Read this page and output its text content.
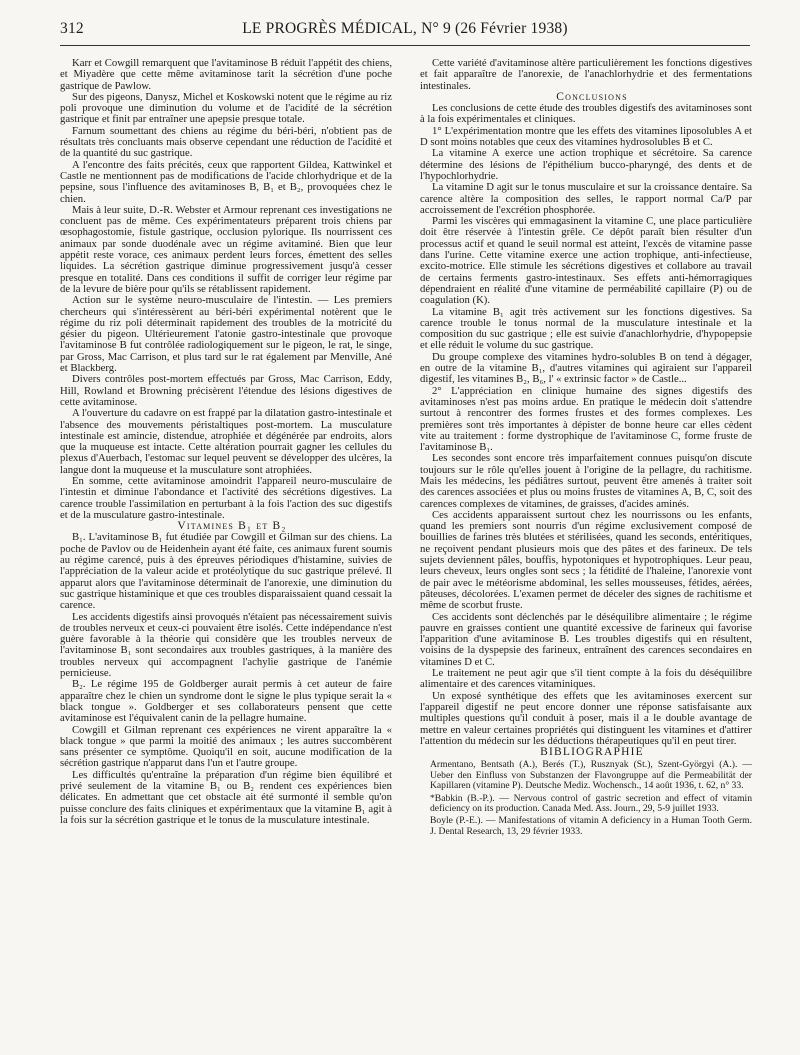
312	LE PROGRÈS MÉDICAL, N° 9 (26 Février 1938)

Karr et Cowgill remarquent que l'avitaminose B réduit l'appétit des chiens, et Miyadère que cette même avitaminose tarit la sécrétion d'une poche gastrique de Pawlow.

Sur des pigeons, Danysz, Michel et Koskowski notent que le régime au riz poli provoque une diminution du volume et de l'acidité de la sécrétion gastrique et finit par entraîner une apepsie presque totale.

Farnum soumettant des chiens au régime du béri-béri, n'obtient pas de résultats très concluants mais observe cependant une réduction de l'acidité et de la quantité du suc gastrique.

A l'encontre des faits précités, ceux que rapportent Gildea, Kattwinkel et Castle ne mentionnent pas de modifications de l'acide chlorhydrique et de la pepsine, sous l'influence des avitaminoses B, B₁ et B₂, provoquées chez le chien.

Mais à leur suite, D.-R. Webster et Armour reprenant ces investigations ne concluent pas de même. Ces expérimentateurs préparent trois chiens par œsophagostomie, fistule gastrique, occlusion pylorique. Ils nourrissent ces animaux par sonde duodénale avec un régime avitaminé. Bien que leur appétit reste vorace, ces animaux perdent leurs forces, émettent des selles liquides. La sécrétion gastrique diminue progressivement jusqu'à cesser presque en totalité. Dans ces conditions il suffit de corriger leur régime par de la levure de bière pour qu'ils se rétablissent rapidement.

Action sur le système neuro-musculaire de l'intestin. — Les premiers chercheurs qui s'intéressèrent au béri-béri expérimental notèrent que le régime du riz poli déterminait rapidement des troubles de la motricité du gésier du pigeon. Ultérieurement l'atonie gastro-intestinale que provoque l'avitaminose B fut contrôlée radiologiquement sur le pigeon, le rat, le singe, par Gross, Mac Carrison, et plus tard sur le rat également par Menville, Ané et Blackberg.

Divers contrôles post-mortem effectués par Gross, Mac Carrison, Eddy, Hill, Rowland et Browning précisèrent l'étendue des lésions digestives de cette avitaminose.

A l'ouverture du cadavre on est frappé par la dilatation gastro-intestinale et l'absence des mouvements péristaltiques post-mortem. La musculature intestinale est amincie, distendue, atrophiée et dégénérée par endroits, alors que la muqueuse est intacte. Cette altération pourrait gagner les cellules du plexus d'Auerbach, l'estomac sur lequel peuvent se développer des ulcères, la langue dont la muqueuse et la musculature sont atrophiées.

En somme, cette avitaminose amoindrit l'appareil neuro-musculaire de l'intestin et diminue l'abondance et l'activité des sécrétions digestives. La carence trouble l'assimilation en perturbant à la fois l'action des suc digestifs et de la musculature gastro-intestinale.

Vitamines B₁ et B₂

B₁. L'avitaminose B₁ fut étudiée par Cowgill et Gilman sur des chiens. La poche de Pavlov ou de Heidenhein ayant été faite, ces animaux furent soumis au régime carencé, puis à des épreuves périodiques d'histamine, suivies de l'appréciation de la valeur acide et protéolytique du suc gastrique prélevé. Il apparut alors que l'avitaminose déterminait de l'anorexie, une diminution du suc gastrique histaminique et que ces troubles disparaissaient quand cessait la carence.

Les accidents digestifs ainsi provoqués n'étaient pas nécessairement suivis de troubles nerveux et ceux-ci pouvaient être isolés. Cette indépendance n'est guère favorable à la théorie qui considère que les troubles nerveux de l'avitaminose B₁ sont secondaires aux troubles gastriques, à la manière des troubles nerveux qui accompagnent l'achylie gastrique de l'anémie pernicieuse.

B₂. Le régime 195 de Goldberger aurait permis à cet auteur de faire apparaître chez le chien un syndrome dont le signe le plus typique serait la « black tongue ». Goldberger et ses collaborateurs pensent que cette avitaminose est l'équivalent canin de la pellagre humaine.

Cowgill et Gilman reprenant ces expériences ne virent apparaître la « black tongue » que parmi la moitié des animaux ; les autres succombèrent sans présenter ce symptôme. Quoiqu'il en soit, aucune modification de la sécrétion gastrique n'apparut dans l'un et l'autre groupe.

Les difficultés qu'entraîne la préparation d'un régime bien équilibré et privé seulement de la vitamine B₁ ou B₂ rendent ces expériences bien délicates. En admettant que cet obstacle ait été surmonté il semble qu'on puisse conclure des faits cliniques et expérimentaux que la vitamine B₁ agit à la fois sur la sécrétion gastrique et le tonus de la musculature intestinale.

Cette variété d'avitaminose altère particulièrement les fonctions digestives et fait apparaître de l'anorexie, de l'anachlorhydrie et des fermentations intestinales.

Conclusions

Les conclusions de cette étude des troubles digestifs des avitaminoses sont à la fois expérimentales et cliniques.

1° L'expérimentation montre que les effets des vitamines liposolubles A et D sont moins notables que ceux des vitamines hydrosolubles B et C.

La vitamine A exerce une action trophique et sécrétoire. Sa carence détermine des lésions de l'épithélium bucco-pharyngé, des dents et de l'hypochlorhydrie.

La vitamine D agit sur le tonus musculaire et sur la croissance dentaire. Sa carence altère la composition des selles, le rapport normal Ca/P par accroissement de l'excrétion phosphorée.

Parmi les viscères qui emmagasinent la vitamine C, une place particulière doit être réservée à l'intestin grêle. Ce dépôt paraît bien résulter d'un processus actif et quand le seuil normal est atteint, l'excès de vitamine passe dans l'urine. Cette vitamine exerce une action trophique, anti-infectieuse, excito-motrice. Elle stimule les sécrétions digestives et collabore au travail de certains ferments gastro-intestinaux. Ses effets anti-hémorragiques dépendraient en réalité d'une vitamine de perméabilité capillaire (P) ou de coagulation (K).

La vitamine B₁ agit très activement sur les fonctions digestives. Sa carence trouble le tonus normal de la musculature intestinale et la composition du suc gastrique ; elle est suivie d'anachlorhydrie, d'hypopepsie et elle réduit le volume du suc gastrique.

Du groupe complexe des vitamines hydro-solubles B on tend à dégager, en outre de la vitamine B₁, d'autres vitamines qui agiraient sur l'appareil digestif, les vitamines B₂, B₆, l' « extrinsic factor » de Castle...

2° L'appréciation en clinique humaine des signes digestifs des avitaminoses n'est pas moins ardue. En pratique le médecin doit s'attendre surtout à rencontrer des formes frustes et des formes complexes. Les premières sont très importantes à dépister de bonne heure car elles cèdent vite au traitement : forme dystrophique de l'avitaminose C, forme fruste de l'avitaminose B₁.

Les secondes sont encore très imparfaitement connues puisqu'on discute toujours sur le rôle qu'elles jouent à l'origine de la pellagre, du rachitisme. Mais les médecins, les pédiâtres surtout, peuvent être amenés à traiter soit des carences associées et plus ou moins frustes de vitamines A, B, C, soit des carences complexes de vitamines, de graisses, d'acides aminés.

Ces accidents apparaissent surtout chez les nourrissons ou les enfants, quand les premiers sont nourris d'un régime exclusivement composé de bouillies de farines très blutées et stérilisées, quand les seconds, entéritiques, ne reçoivent pendant plusieurs mois que des pâtes et des farineux. De tels sujets deviennent pâles, bouffis, hypotoniques et hypotrophiques. Leur peau, leurs cheveux, leurs ongles sont secs ; la fétidité de l'haleine, l'anorexie vont de pair avec le météorisme abdominal, les selles mousseuses, fétides, aérées, pâteuses, décolorées. L'examen permet de déceler des signes de rachitisme et même de scorbut fruste.

Ces accidents sont déclenchés par le déséquilibre alimentaire ; le régime pauvre en graisses contient une quantité excessive de farineux qui favorise l'apparition d'une avitaminose B. Les troubles digestifs qui en résultent, voisins de la dyspepsie des farineux, entraînent des carences secondaires en vitamines D et C.

Le traitement ne peut agir que s'il tient compte à la fois du déséquilibre alimentaire et des carences vitaminiques.

Un exposé synthétique des effets que les avitaminoses exercent sur l'appareil digestif ne peut encore donner une réponse satisfaisante aux multiples questions qu'il conduit à poser, mais il a le double avantage de mettre en valeur certaines propriétés qui distinguent les vitamines et d'attirer l'attention du médecin sur les déductions thérapeutiques qu'il en peut tirer.

BIBLIOGRAPHIE

Armentano, Bentsath (A.), Berés (T.), Rusznyak (St.), Szent-Györgyi (A.). — Ueber den Einfluss von Substanzen der Flavongruppe auf die Permeabilität der Kapillaren (vitamine P). Deutsche Mediz. Wochensch., 14 août 1936, t. 62, n° 33.

*Babkin (B.-P.). — Nervous control of gastric secretion and effect of vitamin deficiency on its production. Canada Med. Ass. Journ., 29, 5-9 juillet 1933.

Boyle (P.-E.). — Manifestations of vitamin A deficiency in a Human Tooth Germ. J. Dental Research, 13, 29 février 1933.
